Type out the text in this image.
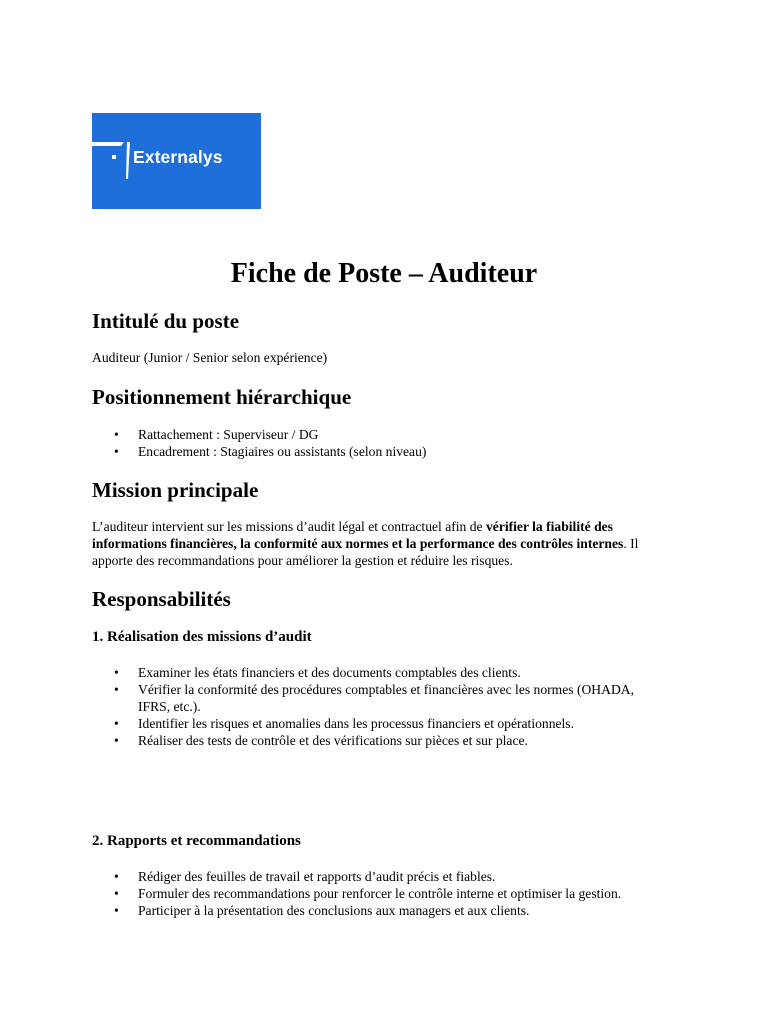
Externalys
Fiche de Poste – Auditeur
Intitulé du poste

Auditeur (Junior / Senior selon expérience)

Positionnement hiérarchique
• Rattachement : Superviseur / DG
• Encadrement : Stagiaires ou assistants (selon niveau)
Mission principale

L’auditeur intervient sur les missions d’audit légal et contractuel afin de vérifier la fiabilité des informations financières, la conformité aux normes et la performance des contrôles internes. Il apporte des recommandations pour améliorer la gestion et réduire les risques.

Responsabilités
1. Réalisation des missions d’audit
• Examiner les états financiers et des documents comptables des clients.
• Vérifier la conformité des procédures comptables et financières avec les normes (OHADA, IFRS, etc.).
• Identifier les risques et anomalies dans les processus financiers et opérationnels.
• Réaliser des tests de contrôle et des vérifications sur pièces et sur place.
2. Rapports et recommandations
• Rédiger des feuilles de travail et rapports d’audit précis et fiables.
• Formuler des recommandations pour renforcer le contrôle interne et optimiser la gestion.
• Participer à la présentation des conclusions aux managers et aux clients.
